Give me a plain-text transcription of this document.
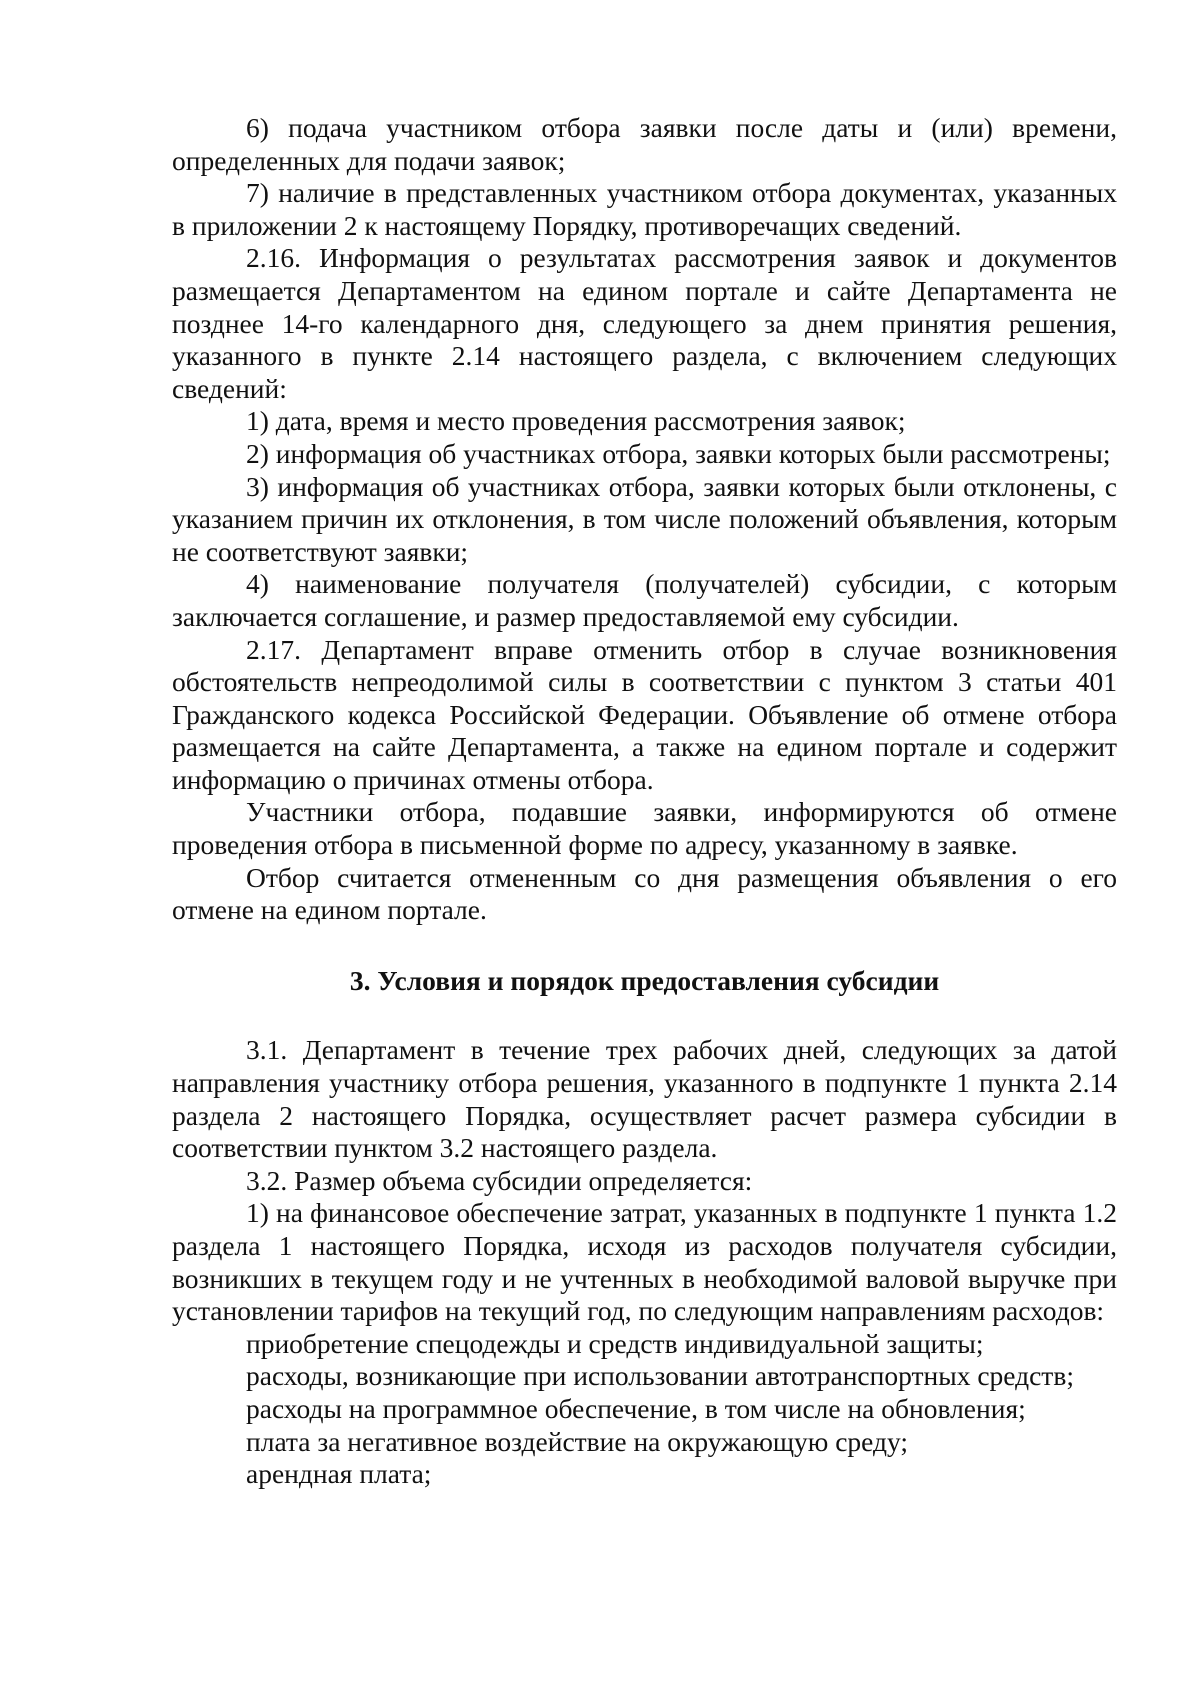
6) подача участником отбора заявки после даты и (или) времени, определенных для подачи заявок;

7) наличие в представленных участником отбора документах, указанных в приложении 2 к настоящему Порядку, противоречащих сведений.

2.16. Информация о результатах рассмотрения заявок и документов размещается Департаментом на едином портале и сайте Департамента не позднее 14-го календарного дня, следующего за днем принятия решения, указанного в пункте 2.14 настоящего раздела, с включением следующих сведений:

1) дата, время и место проведения рассмотрения заявок;

2) информация об участниках отбора, заявки которых были рассмотрены;

3) информация об участниках отбора, заявки которых были отклонены, с указанием причин их отклонения, в том числе положений объявления, которым не соответствуют заявки;

4) наименование получателя (получателей) субсидии, с которым заключается соглашение, и размер предоставляемой ему субсидии.

2.17. Департамент вправе отменить отбор в случае возникновения обстоятельств непреодолимой силы в соответствии с пунктом 3 статьи 401 Гражданского кодекса Российской Федерации. Объявление об отмене отбора размещается на сайте Департамента, а также на едином портале и содержит информацию о причинах отмены отбора.

Участники отбора, подавшие заявки, информируются об отмене проведения отбора в письменной форме по адресу, указанному в заявке.

Отбор считается отмененным со дня размещения объявления о его отмене на едином портале.

3. Условия и порядок предоставления субсидии

3.1. Департамент в течение трех рабочих дней, следующих за датой направления участнику отбора решения, указанного в подпункте 1 пункта 2.14 раздела 2 настоящего Порядка, осуществляет расчет размера субсидии в соответствии пунктом 3.2 настоящего раздела.

3.2. Размер объема субсидии определяется:

1) на финансовое обеспечение затрат, указанных в подпункте 1 пункта 1.2 раздела 1 настоящего Порядка, исходя из расходов получателя субсидии, возникших в текущем году и не учтенных в необходимой валовой выручке при установлении тарифов на текущий год, по следующим направлениям расходов:

приобретение спецодежды и средств индивидуальной защиты;

расходы, возникающие при использовании автотранспортных средств;

расходы на программное обеспечение, в том числе на обновления;

плата за негативное воздействие на окружающую среду;

арендная плата;
